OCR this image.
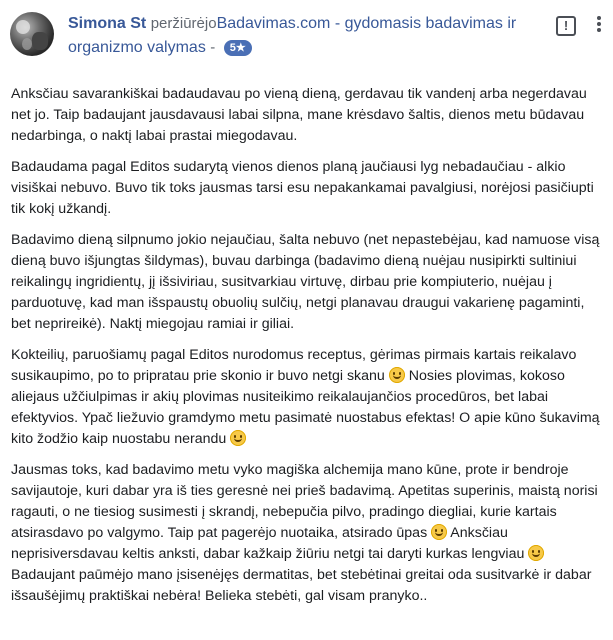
Simona St peržiūrėjoBadavimas.com - gydomasis badavimas ir organizmo valymas - 5★
!

Anksčiau savarankiškai badaudavau po vieną dieną, gerdavau tik vandenį arba negerdavau net jo. Taip badaujant jausdavausi labai silpna, mane krėsdavo šaltis, dienos metu būdavau nedarbinga, o naktį labai prastai miegodavau.

Badaudama pagal Editos sudarytą vienos dienos planą jaučiausi lyg nebadaučiau - alkio visiškai nebuvo. Buvo tik toks jausmas tarsi esu nepakankamai pavalgiusi, norėjosi pasičiupti tik kokį užkandį.

Badavimo dieną silpnumo jokio nejaučiau, šalta nebuvo (net nepastebėjau, kad namuose visą dieną buvo išjungtas šildymas), buvau darbinga (badavimo dieną nuėjau nusipirkti sultiniui reikalingų ingridientų, jį išsiviriau, susitvarkiau virtuvę, dirbau prie kompiuterio, nuėjau į parduotuvę, kad man išspaustų obuolių sulčių, netgi planavau draugui vakarienę pagaminti, bet neprireikė). Naktį miegojau ramiai ir giliai.

Kokteilių, paruošiamų pagal Editos nurodomus receptus, gėrimas pirmais kartais reikalavo susikaupimo, po to pripratau prie skonio ir buvo netgi skanu Nosies plovimas, kokoso aliejaus užčiulpimas ir akių plovimas nusiteikimo reikalaujančios procedūros, bet labai efektyvios. Ypač liežuvio gramdymo metu pasimatė nuostabus efektas! O apie kūno šukavimą kito žodžio kaip nuostabu nerandu

Jausmas toks, kad badavimo metu vyko magiška alchemija mano kūne, prote ir bendroje savijautoje, kuri dabar yra iš ties geresnė nei prieš badavimą. Apetitas superinis, maistą norisi ragauti, o ne tiesiog susimesti į skrandį, nebepučia pilvo, pradingo diegliai, kurie kartais atsirasdavo po valgymo. Taip pat pagerėjo nuotaika, atsirado ūpas Anksčiau neprisiversdavau keltis anksti, dabar kažkaip žiūriu netgi tai daryti kurkas lengviau  Badaujant paūmėjo mano įsisenėjęs dermatitas, bet stebėtinai greitai oda susitvarkė ir dabar išsaušėjimų praktiškai nebėra! Belieka stebėti, gal visam pranyko..
